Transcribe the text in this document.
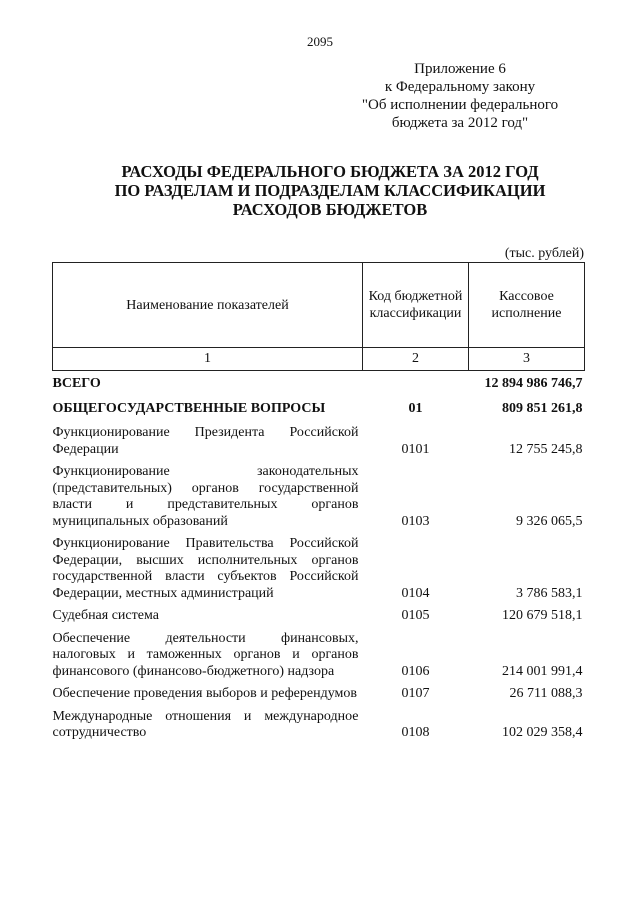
2095
Приложение 6
к Федеральному закону
"Об исполнении федерального
бюджета за 2012 год"
РАСХОДЫ ФЕДЕРАЛЬНОГО БЮДЖЕТА ЗА 2012 ГОД
ПО РАЗДЕЛАМ И ПОДРАЗДЕЛАМ КЛАССИФИКАЦИИ
РАСХОДОВ БЮДЖЕТОВ
(тыс. рублей)
Наименование показателей	Код бюджетной классификации	Кассовое исполнение
1	2	3
ВСЕГО		12 894 986 746,7
ОБЩЕГОСУДАРСТВЕННЫЕ ВОПРОСЫ	01	809 851 261,8
Функционирование Президента Российской Федерации	0101	12 755 245,8
Функционирование законодательных (представительных) органов государственной власти и представительных органов муниципальных образований	0103	9 326 065,5
Функционирование Правительства Российской Федерации, высших исполнительных органов государственной власти субъектов Российской Федерации, местных администраций	0104	3 786 583,1
Судебная система	0105	120 679 518,1
Обеспечение деятельности финансовых, налоговых и таможенных органов и органов финансового (финансово-бюджетного) надзора	0106	214 001 991,4
Обеспечение проведения выборов и референдумов	0107	26 711 088,3
Международные отношения и международное сотрудничество	0108	102 029 358,4
